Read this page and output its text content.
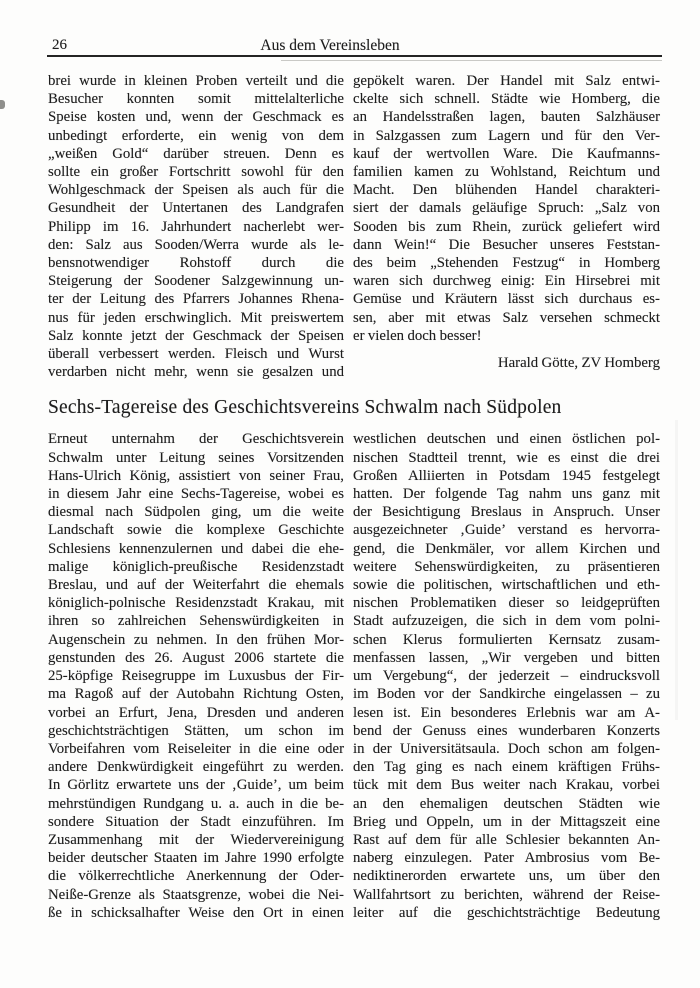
26	Aus dem Vereinsleben
brei wurde in kleinen Proben verteilt und die
Besucher konnten somit mittelalterliche
Speise kosten und, wenn der Geschmack es
unbedingt erforderte, ein wenig von dem
„weißen Gold“ darüber streuen. Denn es
sollte ein großer Fortschritt sowohl für den
Wohlgeschmack der Speisen als auch für die
Gesundheit der Untertanen des Landgrafen
Philipp im 16. Jahrhundert nacherlebt wer-
den: Salz aus Sooden/Werra wurde als le-
bensnotwendiger Rohstoff durch die
Steigerung der Soodener Salzgewinnung un-
ter der Leitung des Pfarrers Johannes Rhena-
nus für jeden erschwinglich. Mit preiswertem
Salz konnte jetzt der Geschmack der Speisen
überall verbessert werden. Fleisch und Wurst
verdarben nicht mehr, wenn sie gesalzen und
gepökelt waren. Der Handel mit Salz entwi-
ckelte sich schnell. Städte wie Homberg, die
an Handelsstraßen lagen, bauten Salzhäuser
in Salzgassen zum Lagern und für den Ver-
kauf der wertvollen Ware. Die Kaufmanns-
familien kamen zu Wohlstand, Reichtum und
Macht. Den blühenden Handel charakteri-
siert der damals geläufige Spruch: „Salz von
Sooden bis zum Rhein, zurück geliefert wird
dann Wein!“ Die Besucher unseres Feststan-
des beim „Stehenden Festzug“ in Homberg
waren sich durchweg einig: Ein Hirsebrei mit
Gemüse und Kräutern lässt sich durchaus es-
sen, aber mit etwas Salz versehen schmeckt
er vielen doch besser!
Harald Götte, ZV Homberg
Sechs-Tagereise des Geschichtsvereins Schwalm nach Südpolen
Erneut unternahm der Geschichtsverein
Schwalm unter Leitung seines Vorsitzenden
Hans-Ulrich König, assistiert von seiner Frau,
in diesem Jahr eine Sechs-Tagereise, wobei es
diesmal nach Südpolen ging, um die weite
Landschaft sowie die komplexe Geschichte
Schlesiens kennenzulernen und dabei die ehe-
malige königlich-preußische Residenzstadt
Breslau, und auf der Weiterfahrt die ehemals
königlich-polnische Residenzstadt Krakau, mit
ihren so zahlreichen Sehenswürdigkeiten in
Augenschein zu nehmen. In den frühen Mor-
genstunden des 26. August 2006 startete die
25-köpfige Reisegruppe im Luxusbus der Fir-
ma Ragoß auf der Autobahn Richtung Osten,
vorbei an Erfurt, Jena, Dresden und anderen
geschichtsträchtigen Stätten, um schon im
Vorbeifahren vom Reiseleiter in die eine oder
andere Denkwürdigkeit eingeführt zu werden.
In Görlitz erwartete uns der ‚Guide’, um beim
mehrstündigen Rundgang u. a. auch in die be-
sondere Situation der Stadt einzuführen. Im
Zusammenhang mit der Wiedervereinigung
beider deutscher Staaten im Jahre 1990 erfolgte
die völkerrechtliche Anerkennung der Oder-
Neiße-Grenze als Staatsgrenze, wobei die Nei-
ße in schicksalhafter Weise den Ort in einen
westlichen deutschen und einen östlichen pol-
nischen Stadtteil trennt, wie es einst die drei
Großen Alliierten in Potsdam 1945 festgelegt
hatten. Der folgende Tag nahm uns ganz mit
der Besichtigung Breslaus in Anspruch. Unser
ausgezeichneter ‚Guide’ verstand es hervorra-
gend, die Denkmäler, vor allem Kirchen und
weitere Sehenswürdigkeiten, zu präsentieren
sowie die politischen, wirtschaftlichen und eth-
nischen Problematiken dieser so leidgeprüften
Stadt aufzuzeigen, die sich in dem vom polni-
schen Klerus formulierten Kernsatz zusam-
menfassen lassen, „Wir vergeben und bitten
um Vergebung“, der jederzeit – eindrucksvoll
im Boden vor der Sandkirche eingelassen – zu
lesen ist. Ein besonderes Erlebnis war am A-
bend der Genuss eines wunderbaren Konzerts
in der Universitätsaula. Doch schon am folgen-
den Tag ging es nach einem kräftigen Frühs-
tück mit dem Bus weiter nach Krakau, vorbei
an den ehemaligen deutschen Städten wie
Brieg und Oppeln, um in der Mittagszeit eine
Rast auf dem für alle Schlesier bekannten An-
naberg einzulegen. Pater Ambrosius vom Be-
nediktinerorden erwartete uns, um über den
Wallfahrtsort zu berichten, während der Reise-
leiter auf die geschichtsträchtige Bedeutung
